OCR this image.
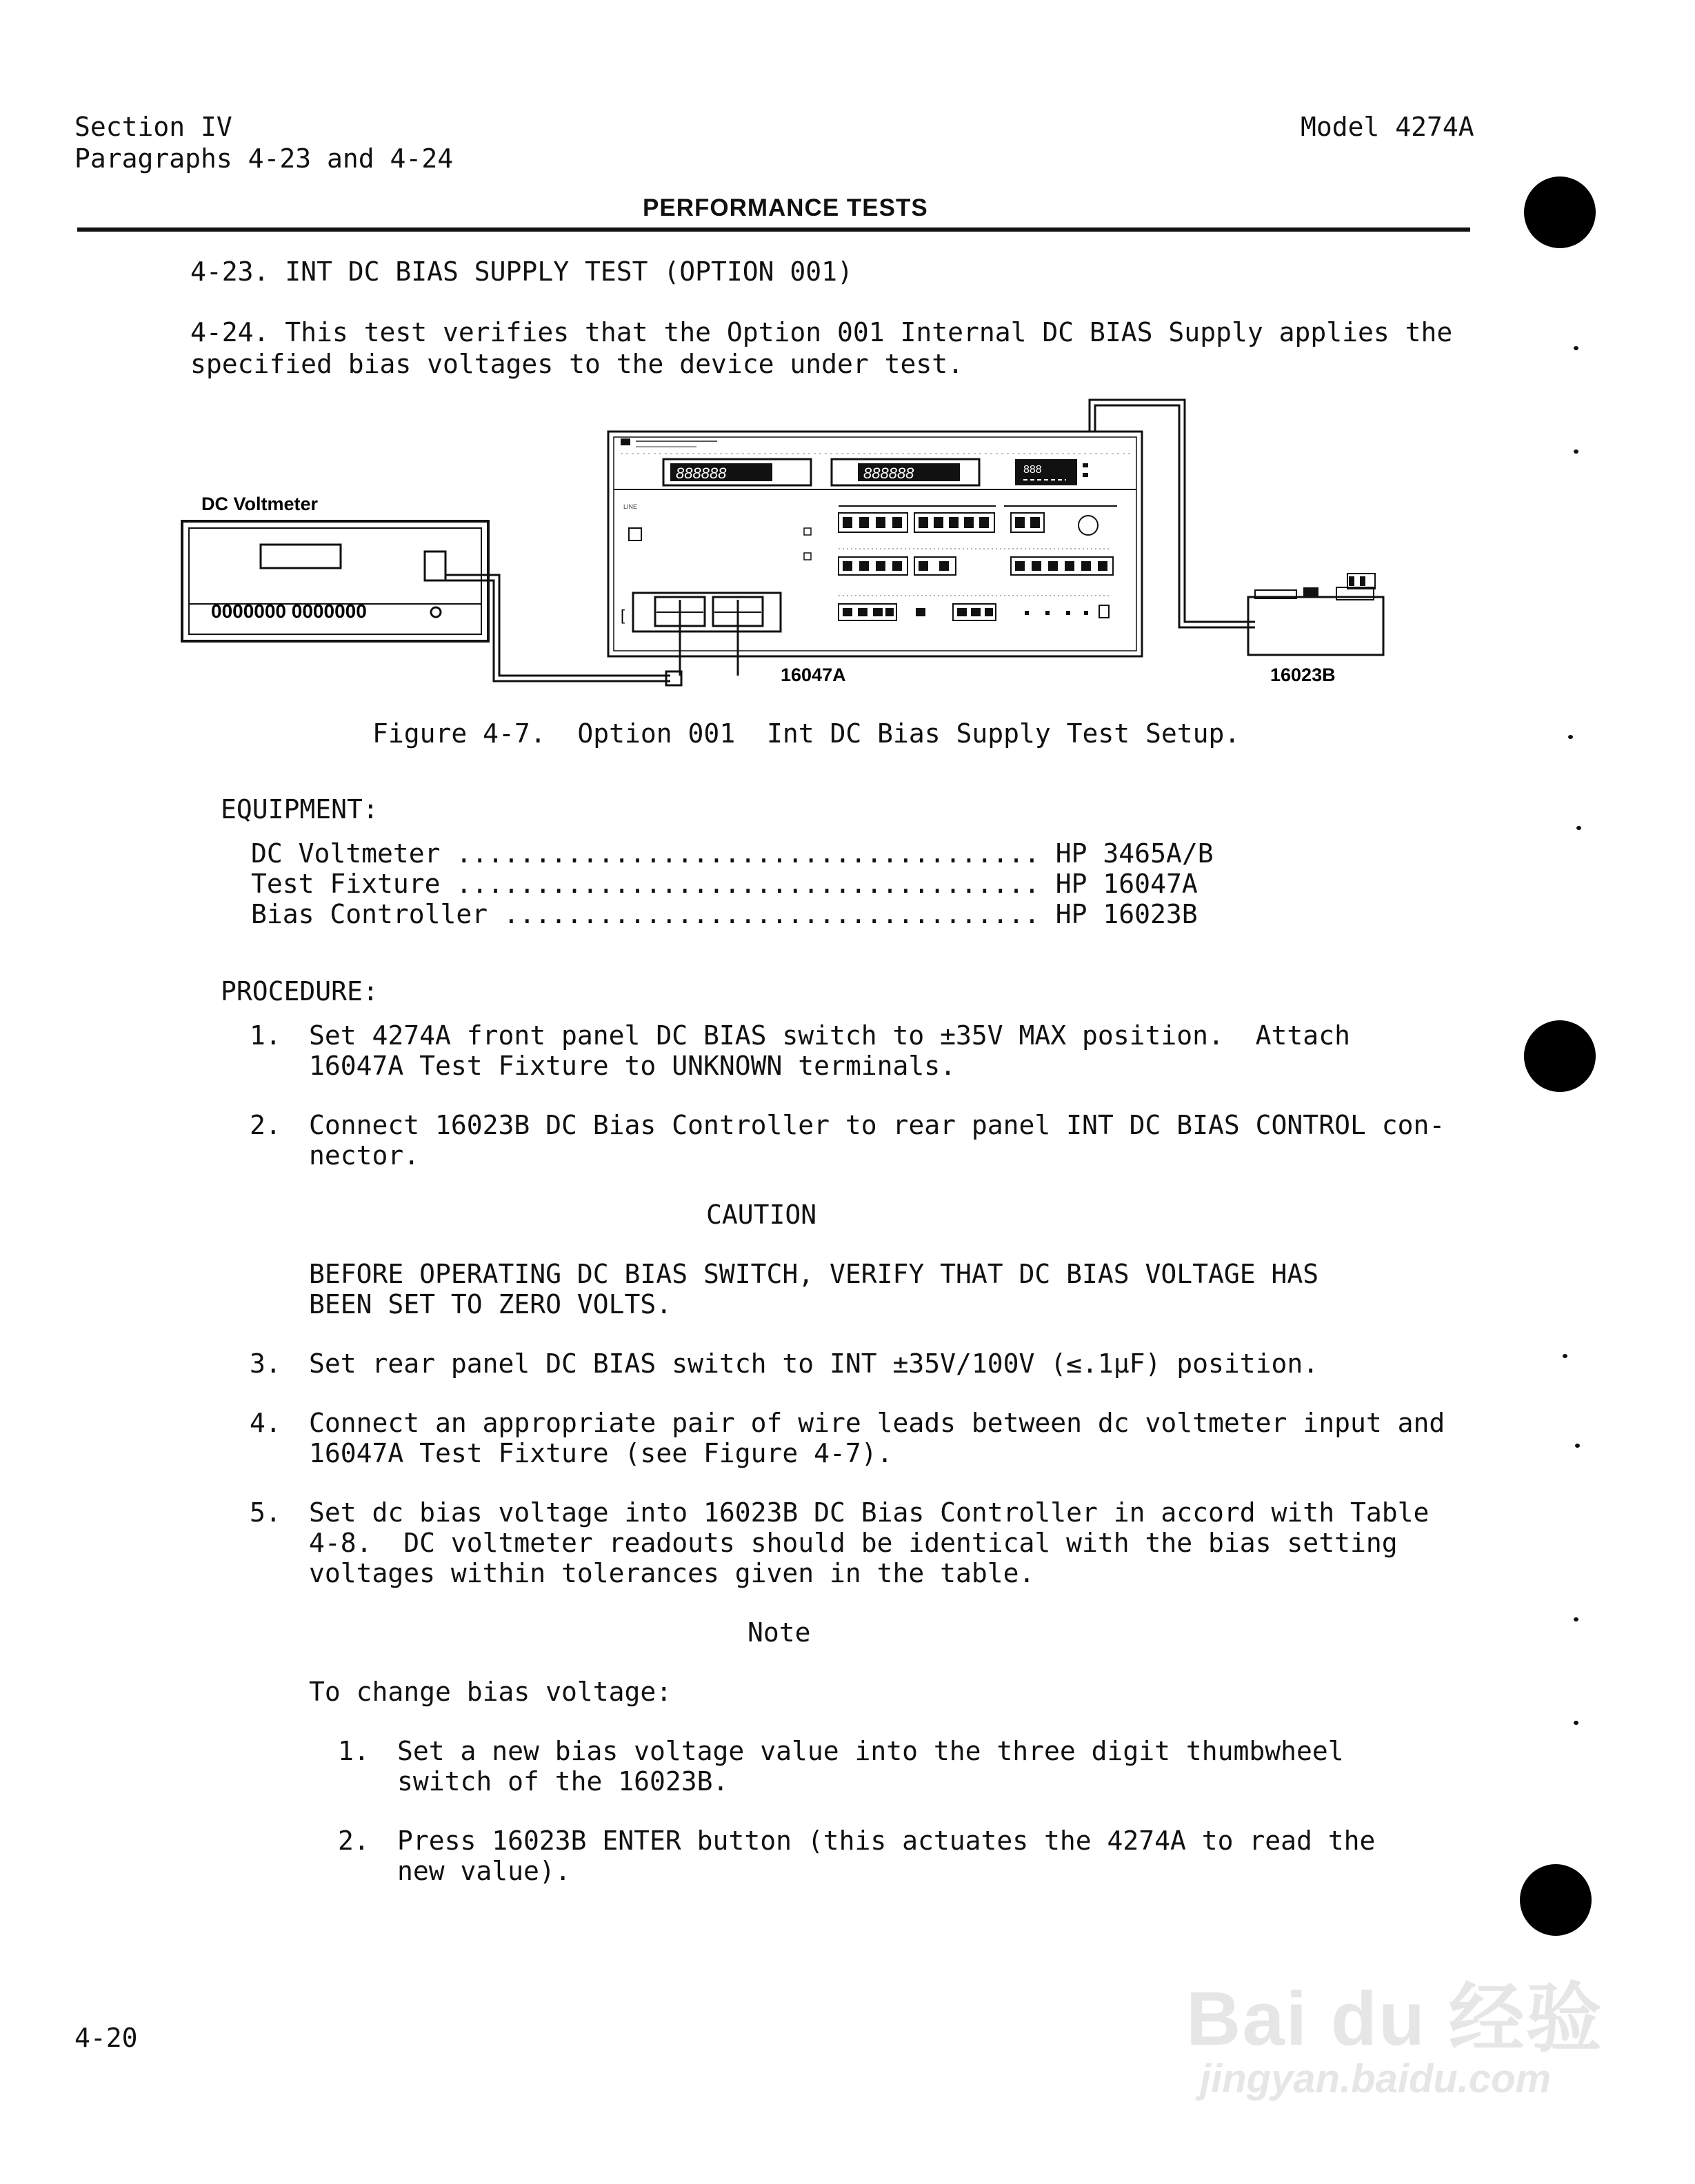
Section IV
Paragraphs 4-23 and 4-24
Model 4274A
PERFORMANCE TESTS
4-23. INT DC BIAS SUPPLY TEST (OPTION 001)
4-24. This test verifies that the Option 001 Internal DC BIAS Supply applies the
specified bias voltages to the device under test.
DC Voltmeter
0000000 0000000
888888	888888	888
LINE
[
16047A	16023B
Figure 4-7.  Option 001  Int DC Bias Supply Test Setup.
EQUIPMENT:
DC Voltmeter ..................................... HP 3465A/B
Test Fixture ..................................... HP 16047A
Bias Controller .................................. HP 16023B
PROCEDURE:
1. Set 4274A front panel DC BIAS switch to ±35V MAX position.  Attach
16047A Test Fixture to UNKNOWN terminals.
2. Connect 16023B DC Bias Controller to rear panel INT DC BIAS CONTROL con-
nector.
CAUTION
BEFORE OPERATING DC BIAS SWITCH, VERIFY THAT DC BIAS VOLTAGE HAS
BEEN SET TO ZERO VOLTS.
3. Set rear panel DC BIAS switch to INT ±35V/100V (≤.1μF) position.
4. Connect an appropriate pair of wire leads between dc voltmeter input and
16047A Test Fixture (see Figure 4-7).
5. Set dc bias voltage into 16023B DC Bias Controller in accord with Table
4-8.  DC voltmeter readouts should be identical with the bias setting
voltages within tolerances given in the table.
Note
To change bias voltage:
1. Set a new bias voltage value into the three digit thumbwheel
switch of the 16023B.
2. Press 16023B ENTER button (this actuates the 4274A to read the
new value).
4-20	Bai du 经验
jingyan.baidu.com
